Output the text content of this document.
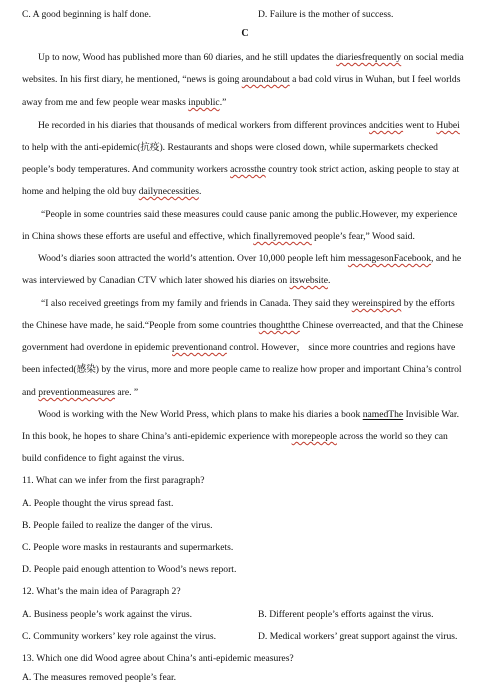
C. A good beginning is half done.	D. Failure is the mother of success.
C
Up to now, Wood has published more than 60 diaries, and he still updates the diariesfrequently on social media
websites. In his first diary, he mentioned, “news is going aroundabout a bad cold virus in Wuhan, but I feel worlds
away from me and few people wear masks inpublic.”
He recorded in his diaries that thousands of medical workers from different provinces andcities went to Hubei
to help with the anti-epidemic(抗疫). Restaurants and shops were closed down, while supermarkets checked
people’s body temperatures. And community workers acrossthe country took strict action, asking people to stay at
home and helping the old buy dailynecessities.
“People in some countries said these measures could cause panic among the public.However, my experience
in China shows these efforts are useful and effective, which finallyremoved people’s fear,” Wood said.
Wood’s diaries soon attracted the world’s attention. Over 10,000 people left him messagesonFacebook, and he
was interviewed by Canadian CTV which later showed his diaries on itswebsite.
“I also received greetings from my family and friends in Canada. They said they wereinspired by the efforts
the Chinese have made, he said.“People from some countries thoughtthe Chinese overreacted, and that the Chinese
government had overdone in epidemic preventionand control. However， since more countries and regions have
been infected(感染) by the virus, more and more people came to realize how proper and important China’s control
and preventionmeasures are. ”
Wood is working with the New World Press, which plans to make his diaries a book namedThe Invisible War.
In this book, he hopes to share China’s anti-epidemic experience with morepeople across the world so they can
build confidence to fight against the virus.
11. What can we infer from the first paragraph?
A. People thought the virus spread fast.
B. People failed to realize the danger of the virus.
C. People wore masks in restaurants and supermarkets.
D. People paid enough attention to Wood’s news report.
12. What’s the main idea of Paragraph 2?
A. Business people’s work against the virus.	B. Different people’s efforts against the virus.
C. Community workers’ key role against the virus.	D. Medical workers’ great support against the virus.
13. Which one did Wood agree about China’s anti-epidemic measures?
A. The measures removed people’s fear.
